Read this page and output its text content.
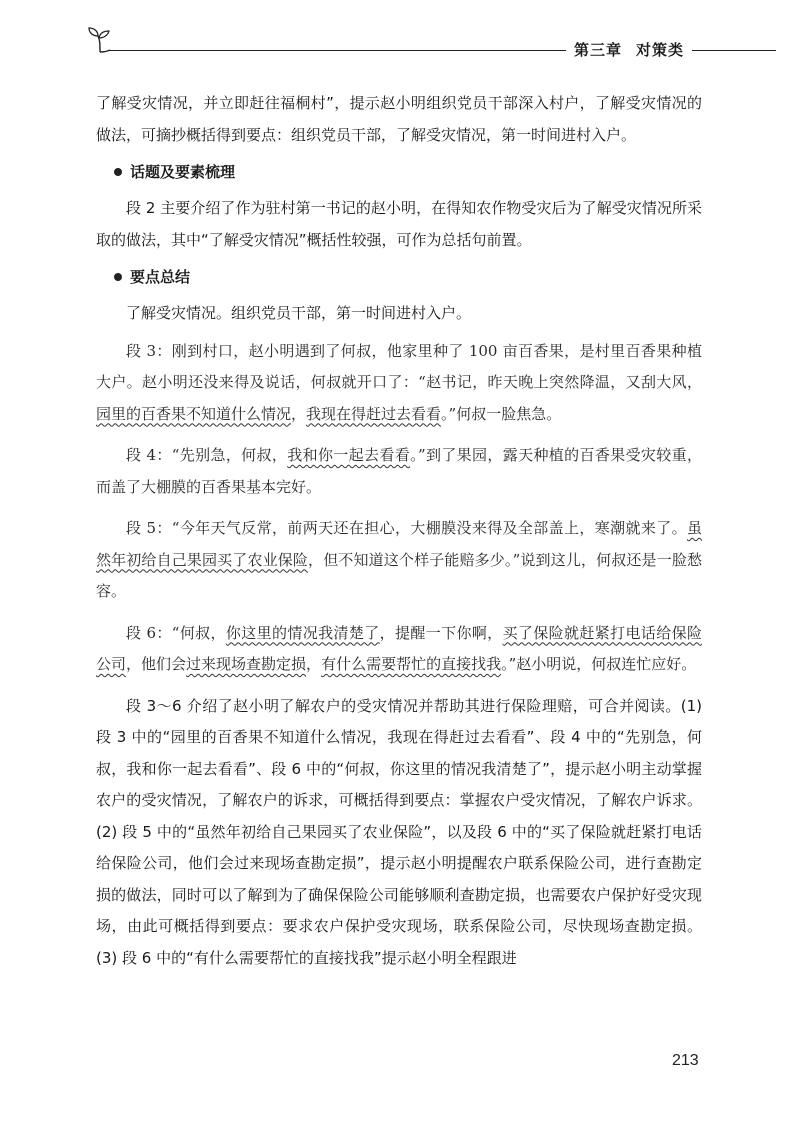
第三章 对策类

了解受灾情况，并立即赶往福桐村”，提示赵小明组织党员干部深入村户，了解受灾情况的做法，可摘抄概括得到要点：组织党员干部，了解受灾情况，第一时间进村入户。

话题及要素梳理

段 2 主要介绍了作为驻村第一书记的赵小明，在得知农作物受灾后为了解受灾情况所采取的做法，其中“了解受灾情况”概括性较强，可作为总括句前置。

要点总结

了解受灾情况。组织党员干部，第一时间进村入户。

段 3：刚到村口，赵小明遇到了何叔，他家里种了 100 亩百香果，是村里百香果种植大户。赵小明还没来得及说话，何叔就开口了：“赵书记，昨天晚上突然降温，又刮大风，园里的百香果不知道什么情况，我现在得赶过去看看。”何叔一脸焦急。

段 4：“先别急，何叔，我和你一起去看看。”到了果园，露天种植的百香果受灾较重，而盖了大棚膜的百香果基本完好。

段 5：“今年天气反常，前两天还在担心，大棚膜没来得及全部盖上，寒潮就来了。虽然年初给自己果园买了农业保险，但不知道这个样子能赔多少。”说到这儿，何叔还是一脸愁容。

段 6：“何叔，你这里的情况我清楚了，提醒一下你啊，买了保险就赶紧打电话给保险公司，他们会过来现场查勘定损，有什么需要帮忙的直接找我。”赵小明说，何叔连忙应好。

段 3～6 介绍了赵小明了解农户的受灾情况并帮助其进行保险理赔，可合并阅读。(1) 段 3 中的“园里的百香果不知道什么情况，我现在得赶过去看看”、段 4 中的“先别急，何叔，我和你一起去看看”、段 6 中的“何叔，你这里的情况我清楚了”，提示赵小明主动掌握农户的受灾情况，了解农户的诉求，可概括得到要点：掌握农户受灾情况，了解农户诉求。(2) 段 5 中的“虽然年初给自己果园买了农业保险”，以及段 6 中的“买了保险就赶紧打电话给保险公司，他们会过来现场查勘定损”，提示赵小明提醒农户联系保险公司，进行查勘定损的做法，同时可以了解到为了确保保险公司能够顺利查勘定损，也需要农户保护好受灾现场，由此可概括得到要点：要求农户保护受灾现场，联系保险公司，尽快现场查勘定损。(3) 段 6 中的“有什么需要帮忙的直接找我”提示赵小明全程跟进

213
